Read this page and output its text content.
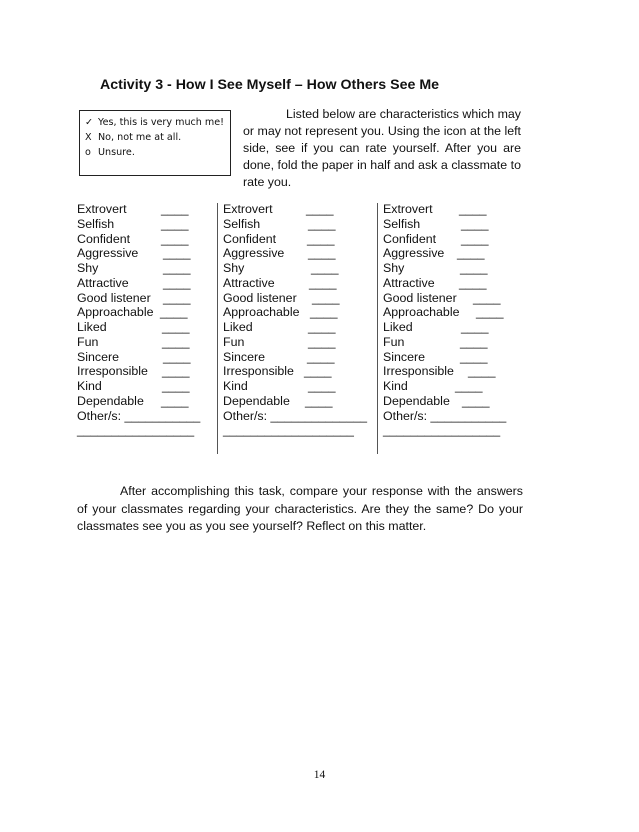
Activity 3 - How I See Myself – How Others See Me
✓ Yes, this is very much me!
X No, not me at all.
o Unsure.
Listed below are characteristics which may or may not represent you. Using the icon at the left side, see if you can rate yourself. After you are done, fold the paper in half and ask a classmate to rate you.
Extrovert	____
Selfish	____
Confident ____
Aggressive ____
Shy	____
Attractive	____
Good listener ____
Approachable ____
Liked	____
Fun	____
Sincere	____
Irresponsible ____
Kind	____
Dependable ____
Other/s: ___________
_________________
Extrovert	____
Selfish	____
Confident ____
Aggressive ____
Shy	____
Attractive	____
Good listener ____
Approachable ____
Liked	____
Fun	____
Sincere	____
Irresponsible ____
Kind	____
Dependable ____
Other/s: ______________
___________________
Extrovert ____
Selfish	____
Confident ____
Aggressive ____
Shy	____
Attractive ____
Good listener ____
Approachable ____
Liked	____
Fun	____
Sincere	____
Irresponsible ____
Kind	____
Dependable ____
Other/s: ___________
_________________
After accomplishing this task, compare your response with the answers of your classmates regarding your characteristics. Are they the same? Do your classmates see you as you see yourself? Reflect on this matter.
14
